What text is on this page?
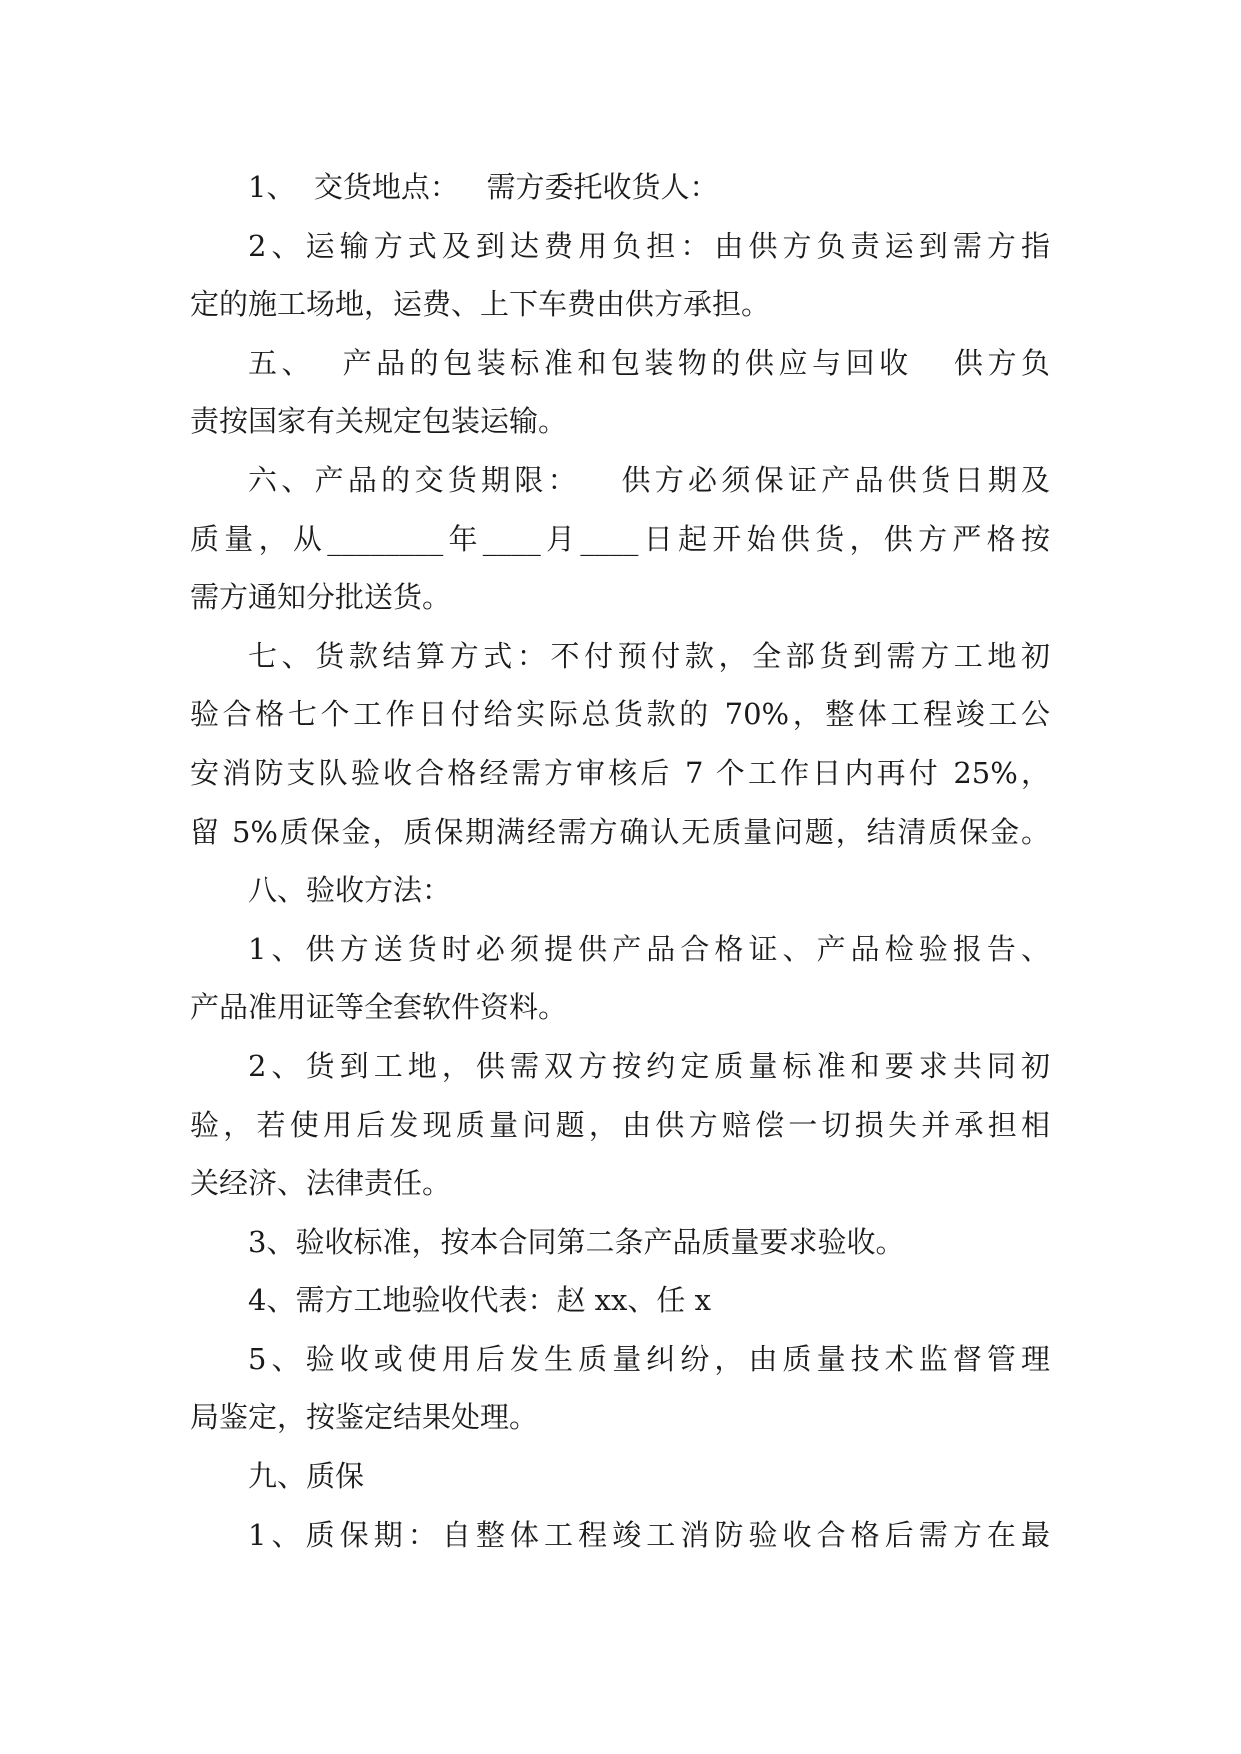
1、  交货地点：   需方委托收货人：
2、运输方式及到达费用负担：由供方负责运到需方指
定的施工场地，运费、上下车费由供方承担。
五、  产品的包装标准和包装物的供应与回收   供方负
责按国家有关规定包装运输。
六、产品的交货期限：   供方必须保证产品供货日期及
质量，从________年____月____日起开始供货，供方严格按
需方通知分批送货。
七、货款结算方式：不付预付款，全部货到需方工地初
验合格七个工作日付给实际总货款的 70%，整体工程竣工公
安消防支队验收合格经需方审核后 7 个工作日内再付 25%，
留 5%质保金，质保期满经需方确认无质量问题，结清质保金。
八、验收方法：
1、供方送货时必须提供产品合格证、产品检验报告、
产品准用证等全套软件资料。
2、货到工地，供需双方按约定质量标准和要求共同初
验，若使用后发现质量问题，由供方赔偿一切损失并承担相
关经济、法律责任。
3、验收标准，按本合同第二条产品质量要求验收。
4、需方工地验收代表：赵 xx、任 x
5、验收或使用后发生质量纠纷，由质量技术监督管理
局鉴定，按鉴定结果处理。
九、质保
1、质保期：自整体工程竣工消防验收合格后需方在最
